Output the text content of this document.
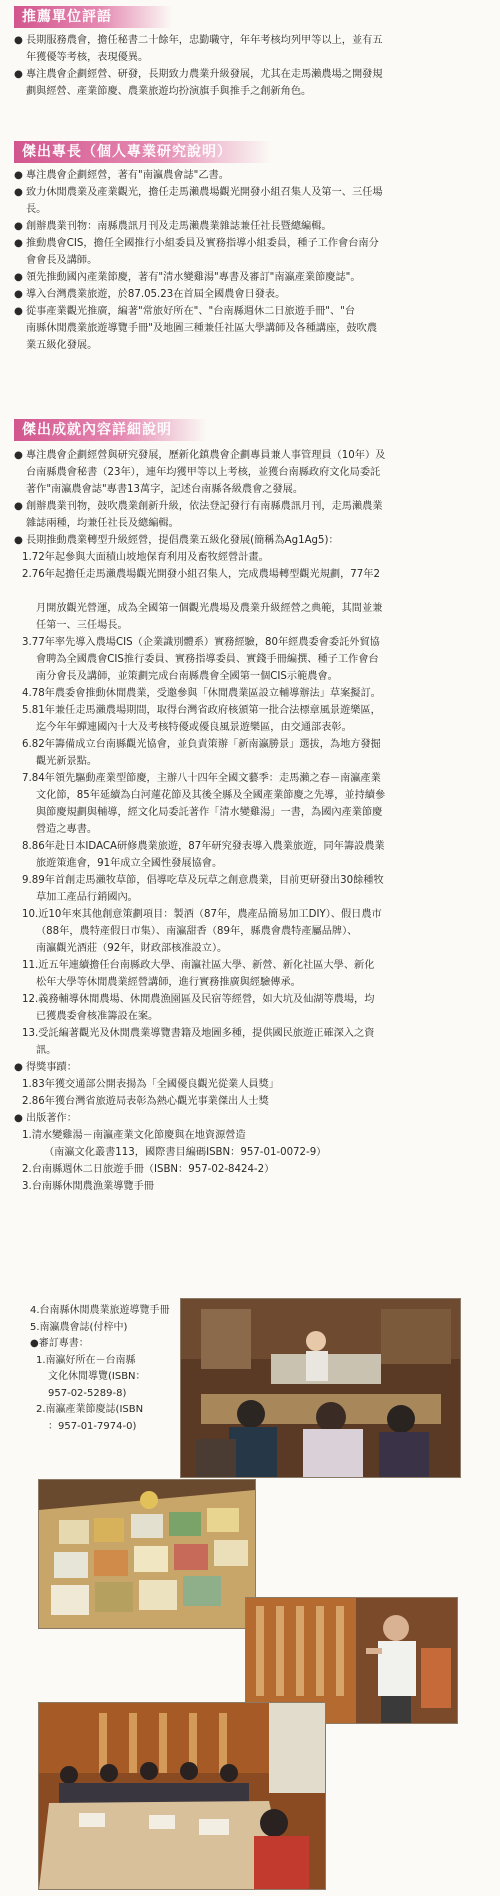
推薦單位評語
● 長期服務農會，擔任秘書二十餘年，忠勤職守，年年考核均列甲等以上，並有五
年獲優等考核，表現優異。
● 專注農會企劃經營、研發，長期致力農業升級發展，尤其在走馬瀨農場之開發規
劃與經營、產業節慶、農業旅遊均扮演旗手與推手之創新角色。
傑出專長（個人專業研究說明）
● 專注農會企劃經營，著有"南瀛農會誌"乙書。
● 致力休閒農業及產業觀光，擔任走馬瀨農場觀光開發小組召集人及第一、三任場
長。
● 創辦農業刊物：南縣農訊月刊及走馬瀨農業雜誌兼任社長暨總編輯。
● 推動農會CIS，擔任全國推行小組委員及實務指導小組委員，種子工作會台南分
會會長及講師。
● 領先推動國內產業節慶，著有"清水變雞湯"專書及審訂"南瀛產業節慶誌"。
● 導入台灣農業旅遊，於87.05.23在首屆全國農會日發表。
● 從事產業觀光推廣，編著"常旅好所在"、"台南縣週休二日旅遊手冊"、"台
南縣休閒農業旅遊導覽手冊"及地圖三種兼任社區大學講師及各種講座，鼓吹農
業五級化發展。
傑出成就內容詳細說明
● 專注農會企劃經營與研究發展，歷新化鎮農會企劃專員兼人事管理員（10年）及
台南縣農會秘書（23年），連年均獲甲等以上考核，並獲台南縣政府文化局委託
著作"南瀛農會誌"專書13萬字，記述台南縣各級農會之發展。
● 創辦農業刊物，鼓吹農業創新升級，依法登記發行有南縣農訊月刊，走馬瀨農業
雜誌兩種，均兼任社長及總編輯。
● 長期推動農業轉型升級經營，提倡農業五級化發展(簡稱為Ag1Ag5)：
1.72年起參與大面積山坡地保育利用及畜牧經營計畫。
2.76年起擔任走馬瀨農場觀光開發小組召集人，完成農場轉型觀光規劃，77年2
月開放觀光營運，成為全國第一個觀光農場及農業升級經營之典範，其間並兼
任第一、三任場長。
3.77年率先導入農場CIS（企業識別體系）實務經驗，80年經農委會委託外貿協
會聘為全國農會CIS推行委員、實務指導委員、實錢手冊編撰、種子工作會台
南分會長及講師，並策劃完成台南縣農會全國第一個CIS示範農會。
4.78年農委會推動休閒農業，受邀參與「休閒農業區設立輔導辦法」草案擬訂。
5.81年兼任走馬瀨農場期間，取得台灣省政府核頒第一批合法標章風景遊樂區，
迄今年年蟬連國內十大及考核特優或優良風景遊樂區，由交通部表彰。
6.82年籌備成立台南縣觀光協會，並負責策辦「新南瀛勝景」選拔，為地方發掘
觀光新景點。
7.84年領先驅動產業型節慶，主辦八十四年全國文藝季：走馬瀨之春－南瀛產業
文化節，85年延續為白河蓮花節及其後全縣及全國產業節慶之先導，並持續參
與節慶規劃與輔導，經文化局委託著作「清水變雞湯」一書，為國內產業節慶
營造之專書。
8.86年赴日本IDACA研修農業旅遊，87年研究發表導入農業旅遊，同年籌設農業
旅遊策進會，91年成立全國性發展協會。
9.89年首創走馬瀨牧草節，倡導吃草及玩草之創意農業，目前更研發出30餘種牧
草加工產品行銷國內。
10.近10年來其他創意策劃項目：製酒（87年，農產品簡易加工DIY）、假日農市
（88年，農特產假日市集）、南瀛甜香（89年，縣農會農特產屬品牌）、
南瀛觀光酒莊（92年，財政部核准設立）。
11.近五年連續擔任台南縣政大學、南瀛社區大學、新營、新化社區大學、新化
松年大學等休閒農業經營講師，進行實務推廣與經驗傳承。
12.義務輔導休閒農場、休閒農漁園區及民宿等經營，如大坑及仙湖等農場，均
已獲農委會核准籌設在案。
13.受託編著觀光及休閒農業導覽書籍及地圖多種，提供國民旅遊正確深入之資
訊。
● 得獎事蹟：
1.83年獲交通部公開表揚為「全國優良觀光從業人員獎」
2.86年獲台灣省旅遊局表彰為熱心觀光事業傑出人士獎
● 出版著作：
1.清水變雞湯－南瀛產業文化節慶與在地資源營造
（南瀛文化叢書113，國際書目編碼ISBN：957-01-0072-9）
2.台南縣週休二日旅遊手冊（ISBN：957-02-8424-2）
3.台南縣休閒農漁業導覽手冊
4.台南縣休閒農業旅遊導覽手冊
5.南瀛農會誌(付梓中)
●審訂專書：
1.南瀛好所在－台南縣
文化休閒導覽(ISBN：
957-02-5289-8)
2.南瀛產業節慶誌(ISBN
：957-01-7974-0)
